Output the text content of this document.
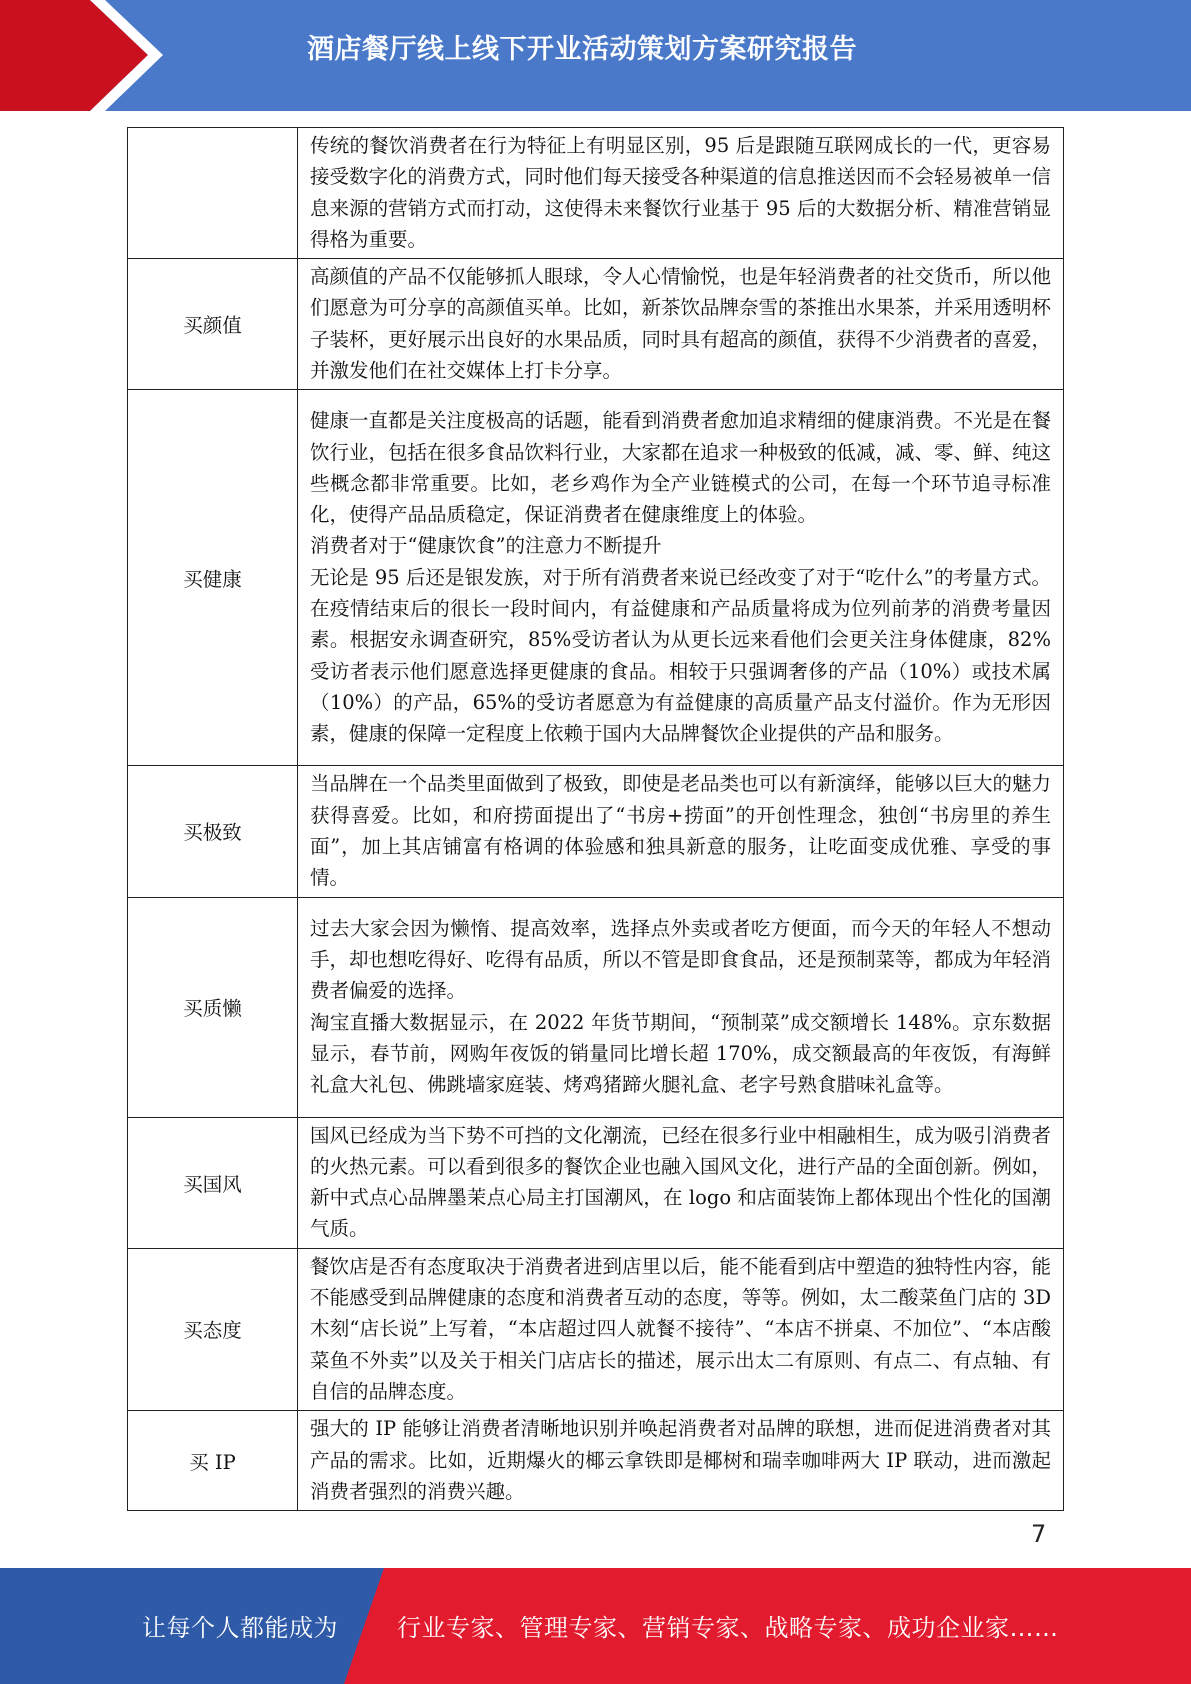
酒店餐厅线上线下开业活动策划方案研究报告

	传统的餐饮消费者在行为特征上有明显区别，95 后是跟随互联网成长的一代，更容易接受数字化的消费方式，同时他们每天接受各种渠道的信息推送因而不会轻易被单一信息来源的营销方式而打动，这使得未来餐饮行业基于 95 后的大数据分析、精准营销显得格为重要。

买颜值	高颜值的产品不仅能够抓人眼球，令人心情愉悦，也是年轻消费者的社交货币，所以他们愿意为可分享的高颜值买单。比如，新茶饮品牌奈雪的茶推出水果茶，并采用透明杯子装杯，更好展示出良好的水果品质，同时具有超高的颜值，获得不少消费者的喜爱，并激发他们在社交媒体上打卡分享。

买健康	健康一直都是关注度极高的话题，能看到消费者愈加追求精细的健康消费。不光是在餐饮行业，包括在很多食品饮料行业，大家都在追求一种极致的低减，减、零、鲜、纯这些概念都非常重要。比如，老乡鸡作为全产业链模式的公司，在每一个环节追寻标准化，使得产品品质稳定，保证消费者在健康维度上的体验。
消费者对于“健康饮食”的注意力不断提升
无论是 95 后还是银发族，对于所有消费者来说已经改变了对于“吃什么”的考量方式。在疫情结束后的很长一段时间内，有益健康和产品质量将成为位列前茅的消费考量因素。根据安永调查研究，85%受访者认为从更长远来看他们会更关注身体健康，82%受访者表示他们愿意选择更健康的食品。相较于只强调奢侈的产品（10%）或技术属（10%）的产品，65%的受访者愿意为有益健康的高质量产品支付溢价。作为无形因素，健康的保障一定程度上依赖于国内大品牌餐饮企业提供的产品和服务。

买极致	当品牌在一个品类里面做到了极致，即使是老品类也可以有新演绎，能够以巨大的魅力获得喜爱。比如，和府捞面提出了“书房+捞面”的开创性理念，独创“书房里的养生面”，加上其店铺富有格调的体验感和独具新意的服务，让吃面变成优雅、享受的事情。

买质懒	过去大家会因为懒惰、提高效率，选择点外卖或者吃方便面，而今天的年轻人不想动手，却也想吃得好、吃得有品质，所以不管是即食食品，还是预制菜等，都成为年轻消费者偏爱的选择。
淘宝直播大数据显示，在 2022 年货节期间，“预制菜”成交额增长 148%。京东数据显示，春节前，网购年夜饭的销量同比增长超 170%，成交额最高的年夜饭，有海鲜礼盒大礼包、佛跳墙家庭装、烤鸡猪蹄火腿礼盒、老字号熟食腊味礼盒等。

买国风	国风已经成为当下势不可挡的文化潮流，已经在很多行业中相融相生，成为吸引消费者的火热元素。可以看到很多的餐饮企业也融入国风文化，进行产品的全面创新。例如，新中式点心品牌墨茉点心局主打国潮风，在 logo 和店面装饰上都体现出个性化的国潮气质。

买态度	餐饮店是否有态度取决于消费者进到店里以后，能不能看到店中塑造的独特性内容，能不能感受到品牌健康的态度和消费者互动的态度，等等。例如，太二酸菜鱼门店的 3D 木刻“店长说”上写着，“本店超过四人就餐不接待”、“本店不拼桌、不加位”、“本店酸菜鱼不外卖”以及关于相关门店店长的描述，展示出太二有原则、有点二、有点轴、有自信的品牌态度。

买 IP	强大的 IP 能够让消费者清晰地识别并唤起消费者对品牌的联想，进而促进消费者对其产品的需求。比如，近期爆火的椰云拿铁即是椰树和瑞幸咖啡两大 IP 联动，进而激起消费者强烈的消费兴趣。
7
让每个人都能成为 行业专家、管理专家、营销专家、战略专家、成功企业家……
